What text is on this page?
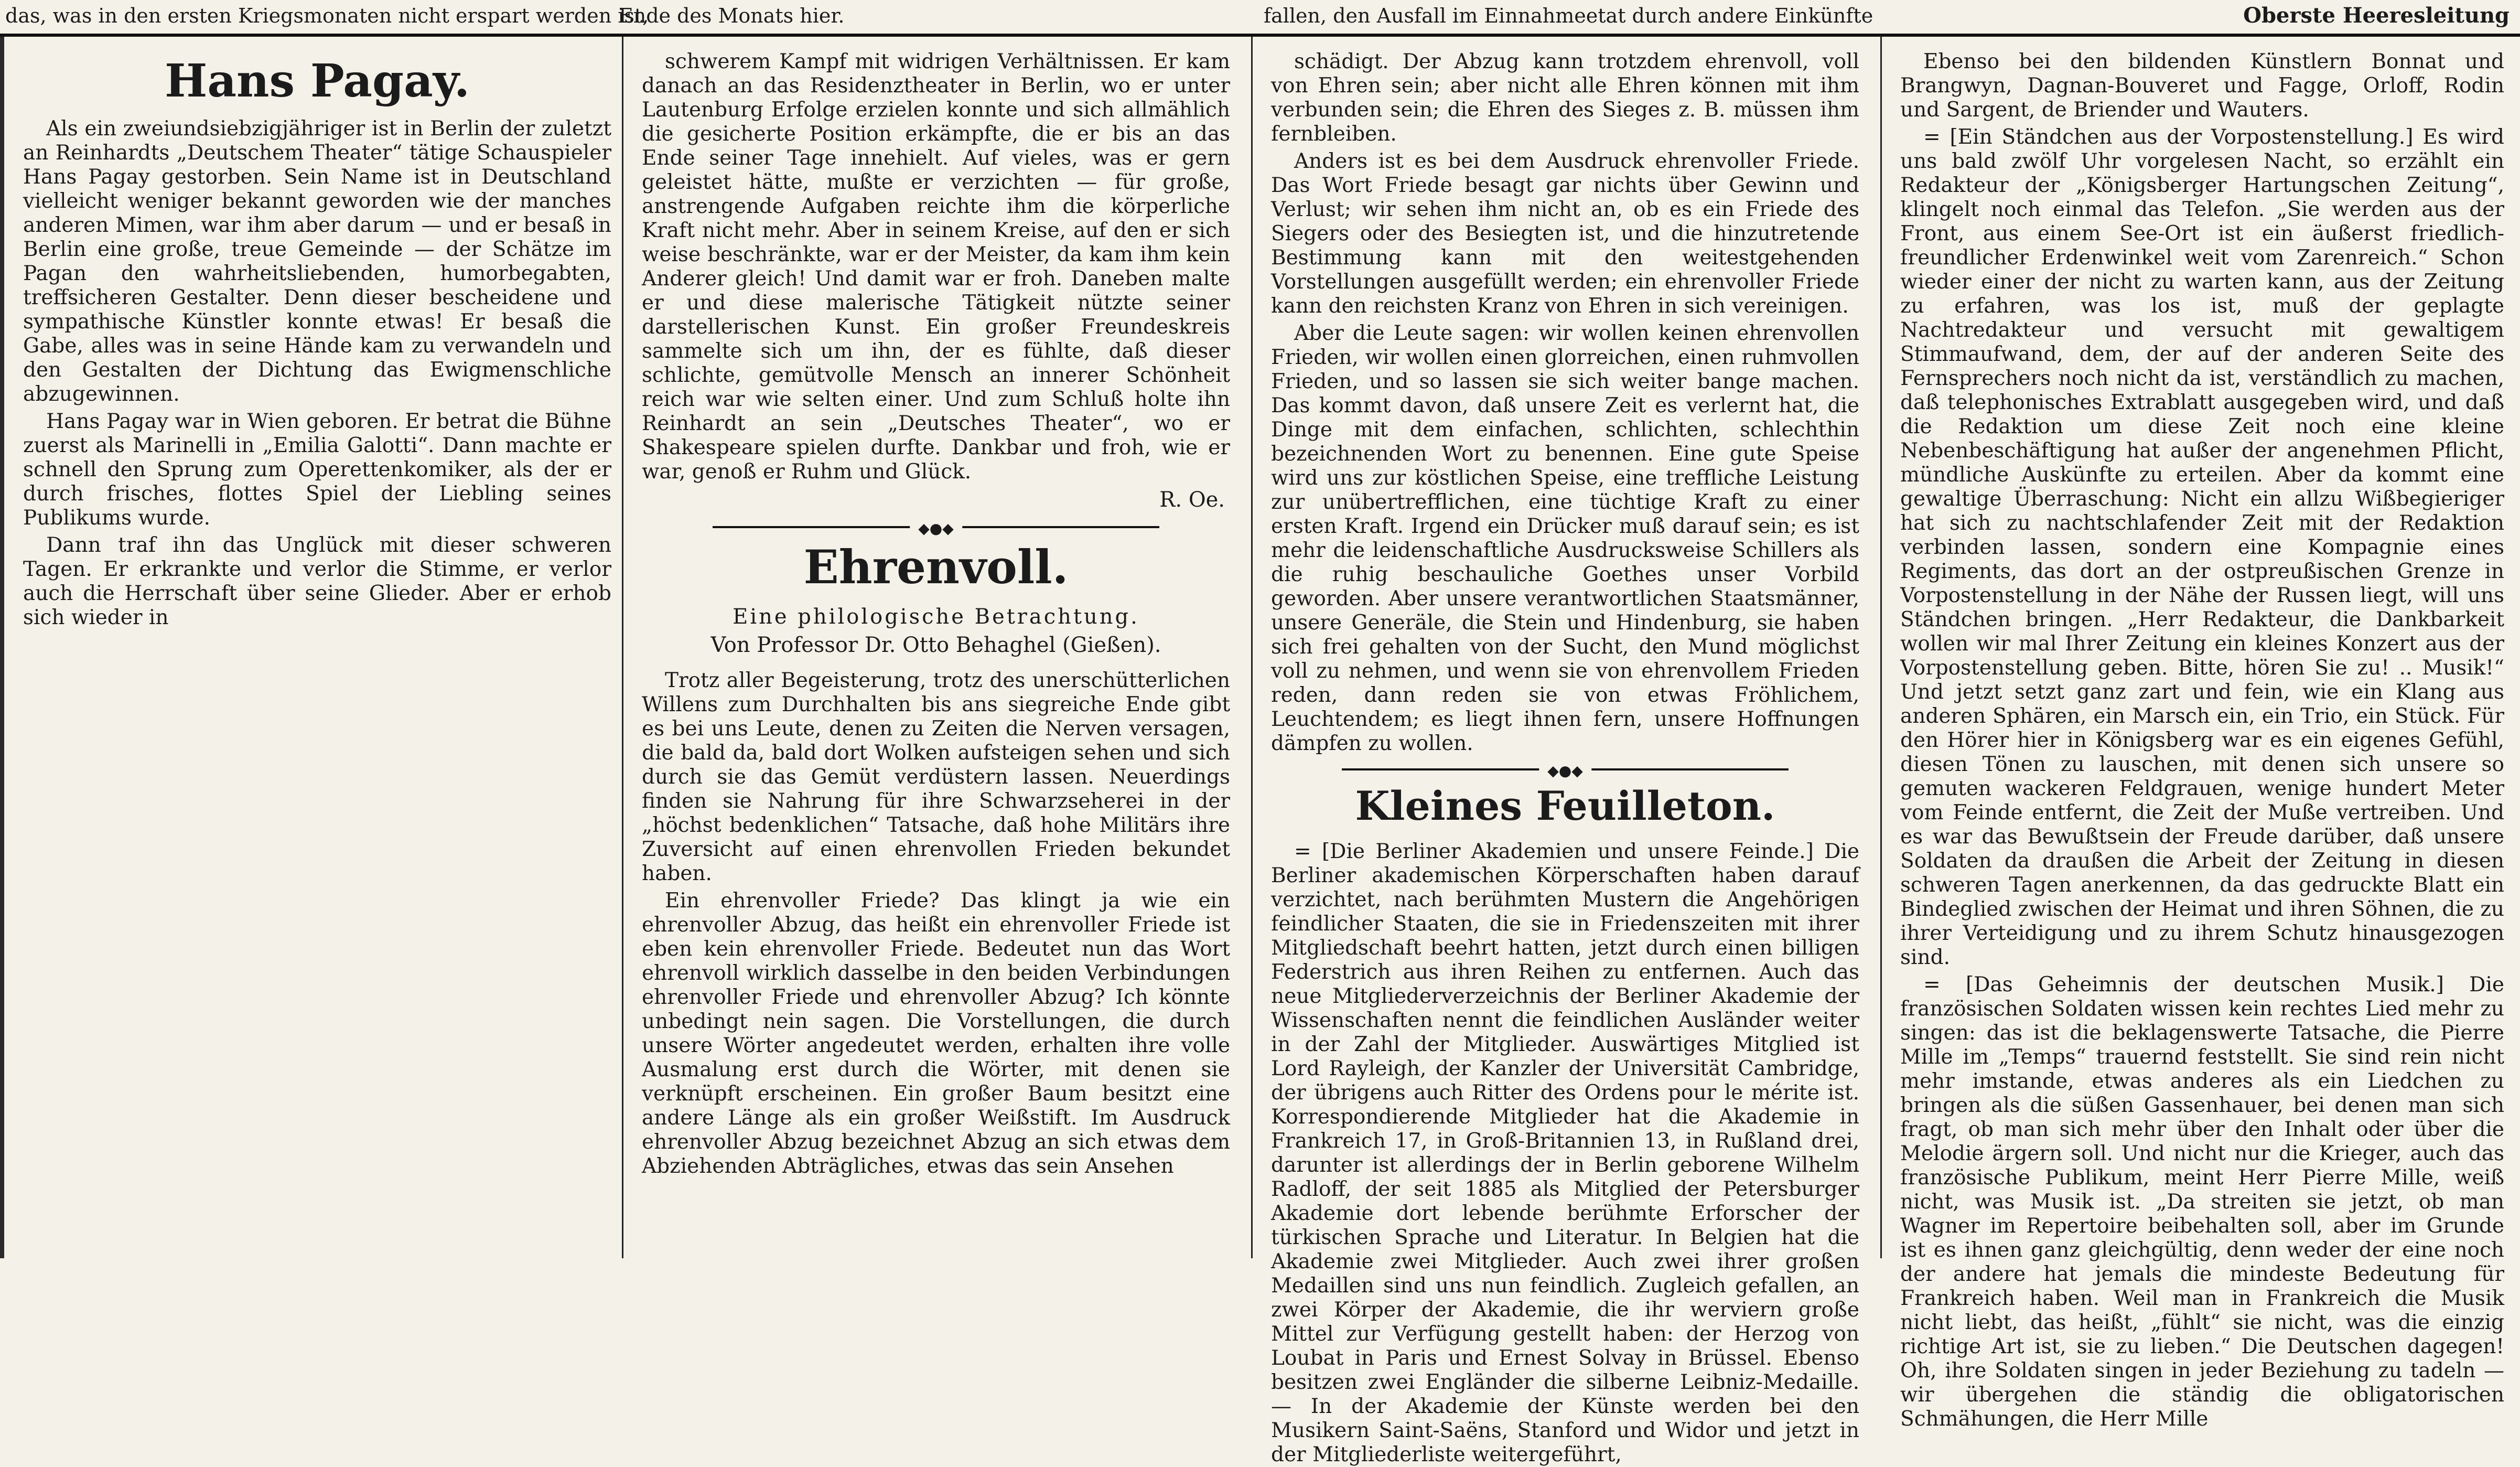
das, was in den ersten Kriegsmonaten nicht erspart werden ist,
Ende des Monats hier.	fallen, den Ausfall im Einnahmeetat durch andere Einkünfte	Oberste Heeresleitung
Hans Pagay.

Als ein zweiundsiebzigjähriger ist in Berlin der zuletzt an Reinhardts „Deutschem Theater“ tätige Schauspieler Hans Pagay gestorben. Sein Name ist in Deutschland vielleicht weniger bekannt geworden wie der manches anderen Mimen, war ihm aber darum — und er besaß in Berlin eine große, treue Gemeinde — der Schätze im Pagan den wahrheitsliebenden, humorbegabten, treffsicheren Gestalter. Denn dieser bescheidene und sympathische Künstler konnte etwas! Er besaß die Gabe, alles was in seine Hände kam zu verwandeln und den Gestalten der Dichtung das Ewigmenschliche abzugewinnen.

Hans Pagay war in Wien geboren. Er betrat die Bühne zuerst als Marinelli in „Emilia Galotti“. Dann machte er schnell den Sprung zum Operettenkomiker, als der er durch frisches, flottes Spiel der Liebling seines Publikums wurde.

Dann traf ihn das Unglück mit dieser schweren Tagen. Er erkrankte und verlor die Stimme, er verlor auch die Herrschaft über seine Glieder. Aber er erhob sich wieder in

schwerem Kampf mit widrigen Verhältnissen. Er kam danach an das Residenztheater in Berlin, wo er unter Lautenburg Erfolge erzielen konnte und sich allmählich die gesicherte Position erkämpfte, die er bis an das Ende seiner Tage innehielt. Auf vieles, was er gern geleistet hätte, mußte er verzichten — für große, anstrengende Aufgaben reichte ihm die körperliche Kraft nicht mehr. Aber in seinem Kreise, auf den er sich weise beschränkte, war er der Meister, da kam ihm kein Anderer gleich! Und damit war er froh. Daneben malte er und diese malerische Tätigkeit nützte seiner darstellerischen Kunst. Ein großer Freundeskreis sammelte sich um ihn, der es fühlte, daß dieser schlichte, gemütvolle Mensch an innerer Schönheit reich war wie selten einer. Und zum Schluß holte ihn Reinhardt an sein „Deutsches Theater“, wo er Shakespeare spielen durfte. Dankbar und froh, wie er war, genoß er Ruhm und Glück.

R. Oe.
◆●◆
Ehrenvoll.
Eine philologische Betrachtung.
Von Professor Dr. Otto Behaghel (Gießen).

Trotz aller Begeisterung, trotz des unerschütterlichen Willens zum Durchhalten bis ans siegreiche Ende gibt es bei uns Leute, denen zu Zeiten die Nerven versagen, die bald da, bald dort Wolken aufsteigen sehen und sich durch sie das Gemüt verdüstern lassen. Neuerdings finden sie Nahrung für ihre Schwarzseherei in der „höchst bedenklichen“ Tatsache, daß hohe Militärs ihre Zuversicht auf einen ehrenvollen Frieden bekundet haben.

Ein ehrenvoller Friede? Das klingt ja wie ein ehrenvoller Abzug, das heißt ein ehrenvoller Friede ist eben kein ehrenvoller Friede. Bedeutet nun das Wort ehrenvoll wirklich dasselbe in den beiden Verbindungen ehrenvoller Friede und ehrenvoller Abzug? Ich könnte unbedingt nein sagen. Die Vorstellungen, die durch unsere Wörter angedeutet werden, erhalten ihre volle Ausmalung erst durch die Wörter, mit denen sie verknüpft erscheinen. Ein großer Baum besitzt eine andere Länge als ein großer Weißstift. Im Ausdruck ehrenvoller Abzug bezeichnet Abzug an sich etwas dem Abziehenden Abträgliches, etwas das sein Ansehen

schädigt. Der Abzug kann trotzdem ehrenvoll, voll von Ehren sein; aber nicht alle Ehren können mit ihm verbunden sein; die Ehren des Sieges z. B. müssen ihm fernbleiben.

Anders ist es bei dem Ausdruck ehrenvoller Friede. Das Wort Friede besagt gar nichts über Gewinn und Verlust; wir sehen ihm nicht an, ob es ein Friede des Siegers oder des Besiegten ist, und die hinzutretende Bestimmung kann mit den weitestgehenden Vorstellungen ausgefüllt werden; ein ehrenvoller Friede kann den reichsten Kranz von Ehren in sich vereinigen.

Aber die Leute sagen: wir wollen keinen ehrenvollen Frieden, wir wollen einen glorreichen, einen ruhmvollen Frieden, und so lassen sie sich weiter bange machen. Das kommt davon, daß unsere Zeit es verlernt hat, die Dinge mit dem einfachen, schlichten, schlechthin bezeichnenden Wort zu benennen. Eine gute Speise wird uns zur köstlichen Speise, eine treffliche Leistung zur unübertrefflichen, eine tüchtige Kraft zu einer ersten Kraft. Irgend ein Drücker muß darauf sein; es ist mehr die leidenschaftliche Ausdrucksweise Schillers als die ruhig beschauliche Goethes unser Vorbild geworden. Aber unsere verantwortlichen Staatsmänner, unsere Generäle, die Stein und Hindenburg, sie haben sich frei gehalten von der Sucht, den Mund möglichst voll zu nehmen, und wenn sie von ehrenvollem Frieden reden, dann reden sie von etwas Fröhlichem, Leuchtendem; es liegt ihnen fern, unsere Hoffnungen dämpfen zu wollen.

◆●◆
Kleines Feuilleton.

= [Die Berliner Akademien und unsere Feinde.] Die Berliner akademischen Körperschaften haben darauf verzichtet, nach berühmten Mustern die Angehörigen feindlicher Staaten, die sie in Friedenszeiten mit ihrer Mitgliedschaft beehrt hatten, jetzt durch einen billigen Federstrich aus ihren Reihen zu entfernen. Auch das neue Mitgliederverzeichnis der Berliner Akademie der Wissenschaften nennt die feindlichen Ausländer weiter in der Zahl der Mitglieder. Auswärtiges Mitglied ist Lord Rayleigh, der Kanzler der Universität Cambridge, der übrigens auch Ritter des Ordens pour le mérite ist. Korrespondierende Mitglieder hat die Akademie in Frankreich 17, in Groß-Britannien 13, in Rußland drei, darunter ist allerdings der in Berlin geborene Wilhelm Radloff, der seit 1885 als Mitglied der Petersburger Akademie dort lebende berühmte Erforscher der türkischen Sprache und Literatur. In Belgien hat die Akademie zwei Mitglieder. Auch zwei ihrer großen Medaillen sind uns nun feindlich. Zugleich gefallen, an zwei Körper der Akademie, die ihr werviern große Mittel zur Verfügung gestellt haben: der Herzog von Loubat in Paris und Ernest Solvay in Brüssel. Ebenso besitzen zwei Engländer die silberne Leibniz-Medaille. — In der Akademie der Künste werden bei den Musikern Saint-Saëns, Stanford und Widor und jetzt in der Mitgliederliste weitergeführt,

Ebenso bei den bildenden Künstlern Bonnat und Brangwyn, Dagnan-Bouveret und Fagge, Orloff, Rodin und Sargent, de Briender und Wauters.

= [Ein Ständchen aus der Vorpostenstellung.] Es wird uns bald zwölf Uhr vorgelesen Nacht, so erzählt ein Redakteur der „Königsberger Hartungschen Zeitung“, klingelt noch einmal das Telefon. „Sie werden aus der Front, aus einem See-Ort ist ein äußerst friedlich-freundlicher Erdenwinkel weit vom Zarenreich.“ Schon wieder einer der nicht zu warten kann, aus der Zeitung zu erfahren, was los ist, muß der geplagte Nachtredakteur und versucht mit gewaltigem Stimmaufwand, dem, der auf der anderen Seite des Fernsprechers noch nicht da ist, verständlich zu machen, daß telephonisches Extrablatt ausgegeben wird, und daß die Redaktion um diese Zeit noch eine kleine Nebenbeschäftigung hat außer der angenehmen Pflicht, mündliche Auskünfte zu erteilen. Aber da kommt eine gewaltige Überraschung: Nicht ein allzu Wißbegieriger hat sich zu nachtschlafender Zeit mit der Redaktion verbinden lassen, sondern eine Kompagnie eines Regiments, das dort an der ostpreußischen Grenze in Vorpostenstellung in der Nähe der Russen liegt, will uns Ständchen bringen. „Herr Redakteur, die Dankbarkeit wollen wir mal Ihrer Zeitung ein kleines Konzert aus der Vorpostenstellung geben. Bitte, hören Sie zu! .. Musik!“ Und jetzt setzt ganz zart und fein, wie ein Klang aus anderen Sphären, ein Marsch ein, ein Trio, ein Stück. Für den Hörer hier in Königsberg war es ein eigenes Gefühl, diesen Tönen zu lauschen, mit denen sich unsere so gemuten wackeren Feldgrauen, wenige hundert Meter vom Feinde entfernt, die Zeit der Muße vertreiben. Und es war das Bewußtsein der Freude darüber, daß unsere Soldaten da draußen die Arbeit der Zeitung in diesen schweren Tagen anerkennen, da das gedruckte Blatt ein Bindeglied zwischen der Heimat und ihren Söhnen, die zu ihrer Verteidigung und zu ihrem Schutz hinausgezogen sind.

= [Das Geheimnis der deutschen Musik.] Die französischen Soldaten wissen kein rechtes Lied mehr zu singen: das ist die beklagenswerte Tatsache, die Pierre Mille im „Temps“ trauernd feststellt. Sie sind rein nicht mehr imstande, etwas anderes als ein Liedchen zu bringen als die süßen Gassenhauer, bei denen man sich fragt, ob man sich mehr über den Inhalt oder über die Melodie ärgern soll. Und nicht nur die Krieger, auch das französische Publikum, meint Herr Pierre Mille, weiß nicht, was Musik ist. „Da streiten sie jetzt, ob man Wagner im Repertoire beibehalten soll, aber im Grunde ist es ihnen ganz gleichgültig, denn weder der eine noch der andere hat jemals die mindeste Bedeutung für Frankreich haben. Weil man in Frankreich die Musik nicht liebt, das heißt, „fühlt“ sie nicht, was die einzig richtige Art ist, sie zu lieben.“ Die Deutschen dagegen! Oh, ihre Soldaten singen in jeder Beziehung zu tadeln — wir übergehen die ständig die obligatorischen Schmähungen, die Herr Mille
